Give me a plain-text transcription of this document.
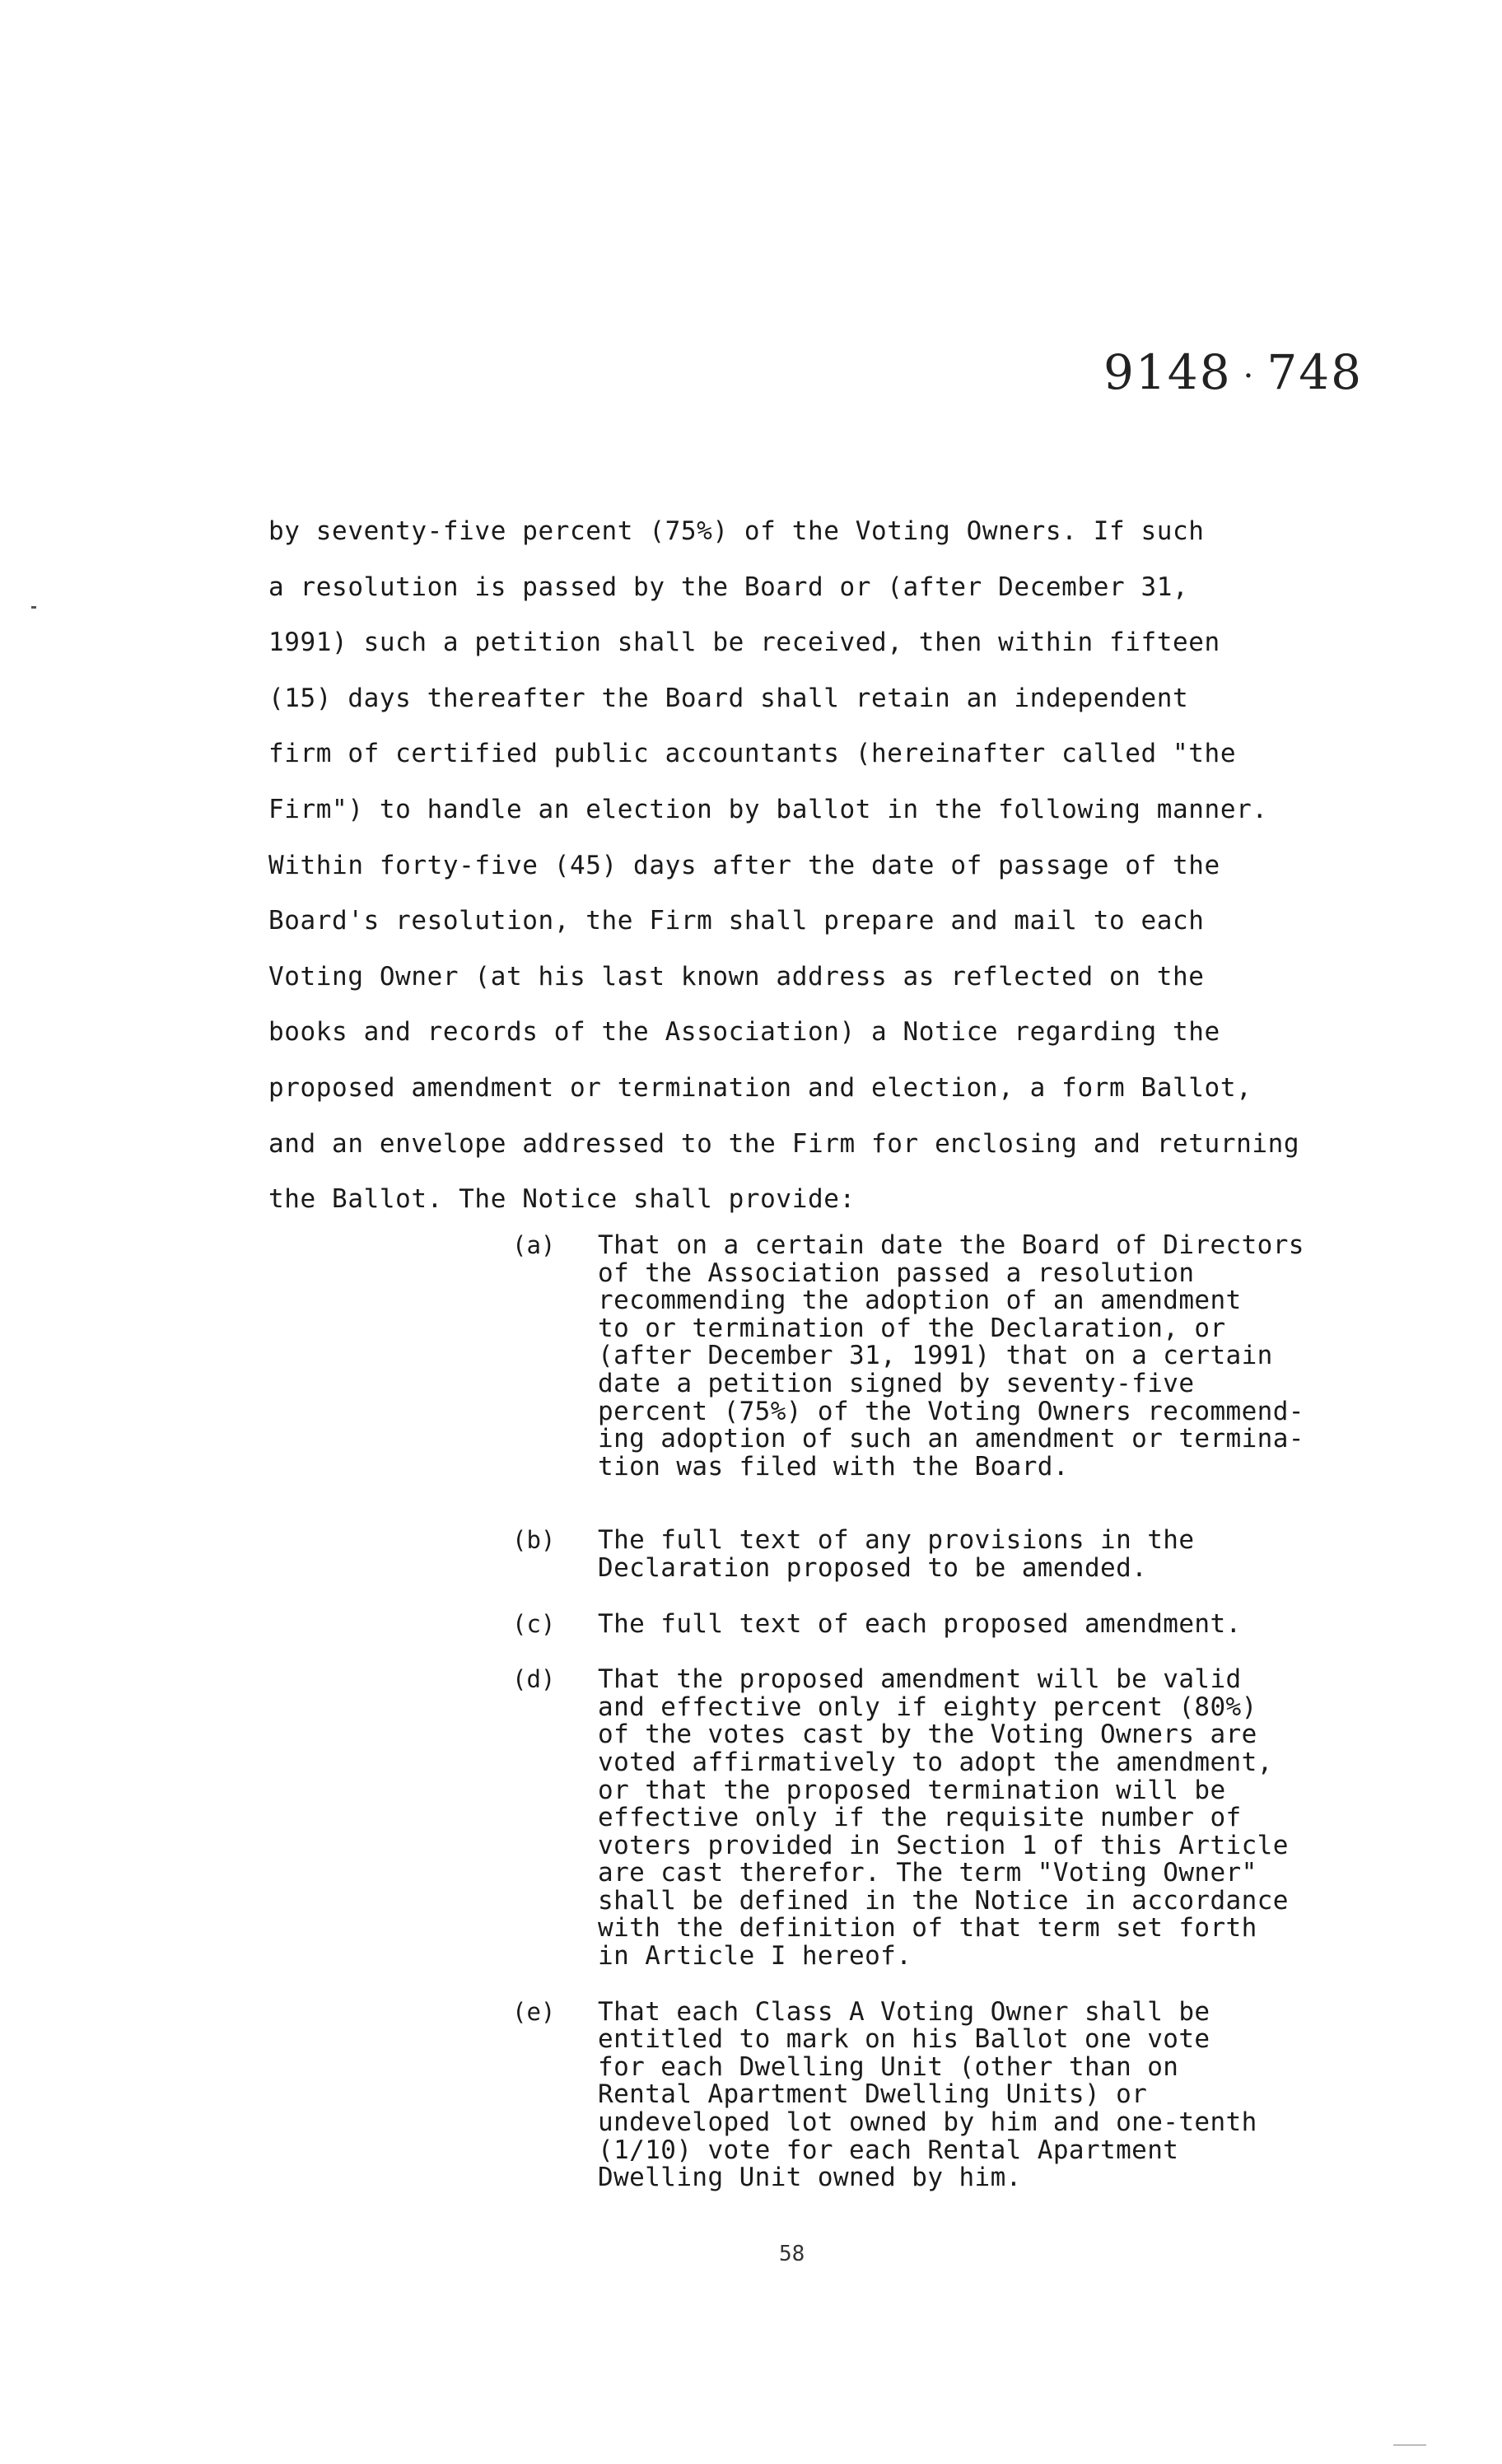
9148 · 748
by seventy-five percent (75%) of the Voting Owners. If such
a resolution is passed by the Board or (after December 31,
1991) such a petition shall be received, then within fifteen
(15) days thereafter the Board shall retain an independent
firm of certified public accountants (hereinafter called "the
Firm") to handle an election by ballot in the following manner.
Within forty-five (45) days after the date of passage of the
Board's resolution, the Firm shall prepare and mail to each
Voting Owner (at his last known address as reflected on the
books and records of the Association) a Notice regarding the
proposed amendment or termination and election, a form Ballot,
and an envelope addressed to the Firm for enclosing and returning
the Ballot. The Notice shall provide:
(a) That on a certain date the Board of Directors
of the Association passed a resolution
recommending the adoption of an amendment
to or termination of the Declaration, or
(after December 31, 1991) that on a certain
date a petition signed by seventy-five
percent (75%) of the Voting Owners recommend-
ing adoption of such an amendment or termina-
tion was filed with the Board.
(b) The full text of any provisions in the
Declaration proposed to be amended.
(c) The full text of each proposed amendment.
(d) That the proposed amendment will be valid
and effective only if eighty percent (80%)
of the votes cast by the Voting Owners are
voted affirmatively to adopt the amendment,
or that the proposed termination will be
effective only if the requisite number of
voters provided in Section 1 of this Article
are cast therefor. The term "Voting Owner"
shall be defined in the Notice in accordance
with the definition of that term set forth
in Article I hereof.
(e) That each Class A Voting Owner shall be
entitled to mark on his Ballot one vote
for each Dwelling Unit (other than on
Rental Apartment Dwelling Units) or
undeveloped lot owned by him and one-tenth
(1/10) vote for each Rental Apartment
Dwelling Unit owned by him.
58
